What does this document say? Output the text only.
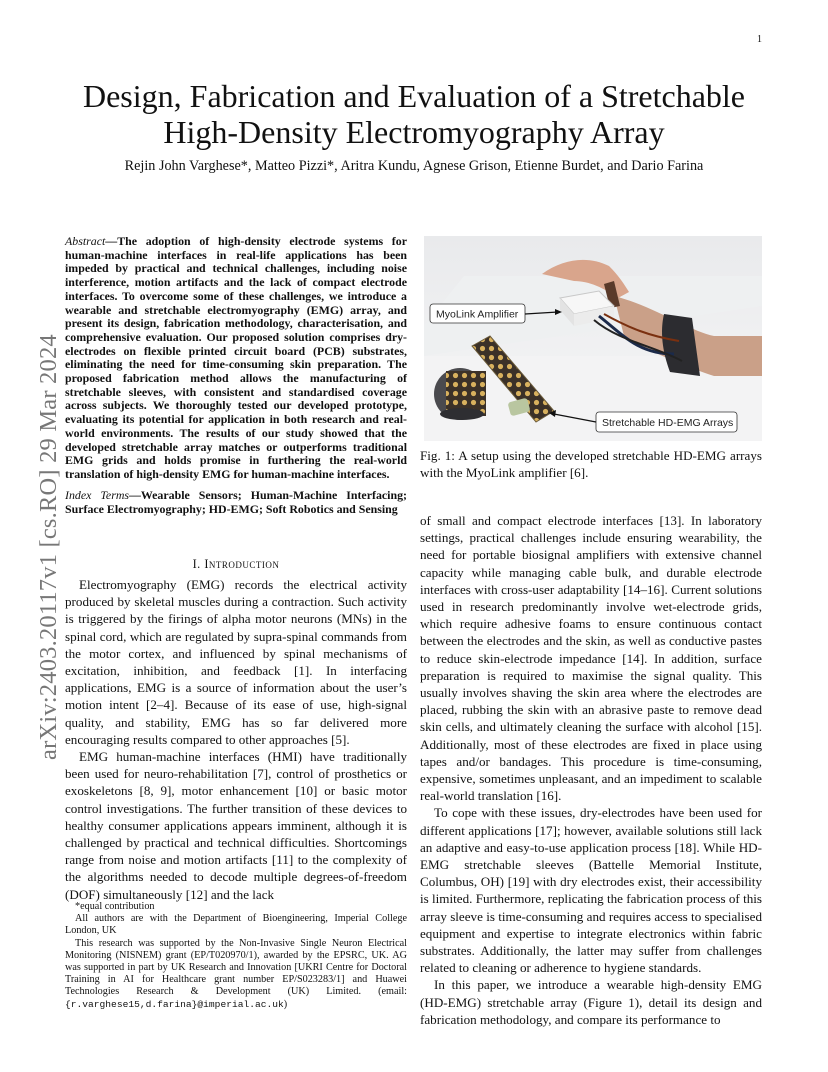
1
arXiv:2403.20117v1 [cs.RO] 29 Mar 2024
Design, Fabrication and Evaluation of a Stretchable
High-Density Electromyography Array
Rejin John Varghese*, Matteo Pizzi*, Aritra Kundu, Agnese Grison, Etienne Burdet, and Dario Farina
Abstract—The adoption of high-density electrode systems for human-machine interfaces in real-life applications has been impeded by practical and technical challenges, including noise interference, motion artifacts and the lack of compact electrode interfaces. To overcome some of these challenges, we introduce a wearable and stretchable electromyography (EMG) array, and present its design, fabrication methodology, characterisation, and comprehensive evaluation. Our proposed solution comprises dry-electrodes on flexible printed circuit board (PCB) substrates, eliminating the need for time-consuming skin preparation. The proposed fabrication method allows the manufacturing of stretchable sleeves, with consistent and standardised coverage across subjects. We thoroughly tested our developed prototype, evaluating its potential for application in both research and real-world environments. The results of our study showed that the developed stretchable array matches or outperforms traditional EMG grids and holds promise in furthering the real-world translation of high-density EMG for human-machine interfaces.
Index Terms—Wearable Sensors; Human-Machine Interfacing; Surface Electromyography; HD-EMG; Soft Robotics and Sensing
I. Introduction

Electromyography (EMG) records the electrical activity produced by skeletal muscles during a contraction. Such activity is triggered by the firings of alpha motor neurons (MNs) in the spinal cord, which are regulated by supra-spinal commands from the motor cortex, and influenced by spinal mechanisms of excitation, inhibition, and feedback [1]. In interfacing applications, EMG is a source of information about the user’s motion intent [2–4]. Because of its ease of use, high-signal quality, and stability, EMG has so far delivered more encouraging results compared to other approaches [5].

EMG human-machine interfaces (HMI) have traditionally been used for neuro-rehabilitation [7], control of prosthetics or exoskeletons [8, 9], motor enhancement [10] or basic motor control investigations. The further transition of these devices to healthy consumer applications appears imminent, although it is challenged by practical and technical difficulties. Shortcomings range from noise and motion artifacts [11] to the complexity of the algorithms needed to decode multiple degrees-of-freedom (DOF) simultaneously [12] and the lack

*equal contribution

All authors are with the Department of Bioengineering, Imperial College London, UK

This research was supported by the Non-Invasive Single Neuron Electrical Monitoring (NISNEM) grant (EP/T020970/1), awarded by the EPSRC, UK. AG was supported in part by UK Research and Innovation [UKRI Centre for Doctoral Training in AI for Healthcare grant number EP/S023283/1] and Huawei Technologies Research & Development (UK) Limited. (email:{r.varghese15,d.farina}@imperial.ac.uk)

MyoLink Amplifier
Stretchable HD-EMG Arrays
Fig. 1: A setup using the developed stretchable HD-EMG arrays with the MyoLink amplifier [6].

of small and compact electrode interfaces [13]. In laboratory settings, practical challenges include ensuring wearability, the need for portable biosignal amplifiers with extensive channel capacity while managing cable bulk, and durable electrode interfaces with cross-user adaptability [14–16]. Current solutions used in research predominantly involve wet-electrode grids, which require adhesive foams to ensure continuous contact between the electrodes and the skin, as well as conductive pastes to reduce skin-electrode impedance [14]. In addition, surface preparation is required to maximise the signal quality. This usually involves shaving the skin area where the electrodes are placed, rubbing the skin with an abrasive paste to remove dead skin cells, and ultimately cleaning the surface with alcohol [15]. Additionally, most of these electrodes are fixed in place using tapes and/or bandages. This procedure is time-consuming, expensive, sometimes unpleasant, and an impediment to scalable real-world translation [16].

To cope with these issues, dry-electrodes have been used for different applications [17]; however, available solutions still lack an adaptive and easy-to-use application process [18]. While HD-EMG stretchable sleeves (Battelle Memorial Institute, Columbus, OH) [19] with dry electrodes exist, their accessibility is limited. Furthermore, replicating the fabrication process of this array sleeve is time-consuming and requires access to specialised equipment and expertise to integrate electronics within fabric substrates. Additionally, the latter may suffer from challenges related to cleaning or adherence to hygiene standards.

In this paper, we introduce a wearable high-density EMG (HD-EMG) stretchable array (Figure 1), detail its design and fabrication methodology, and compare its performance to
